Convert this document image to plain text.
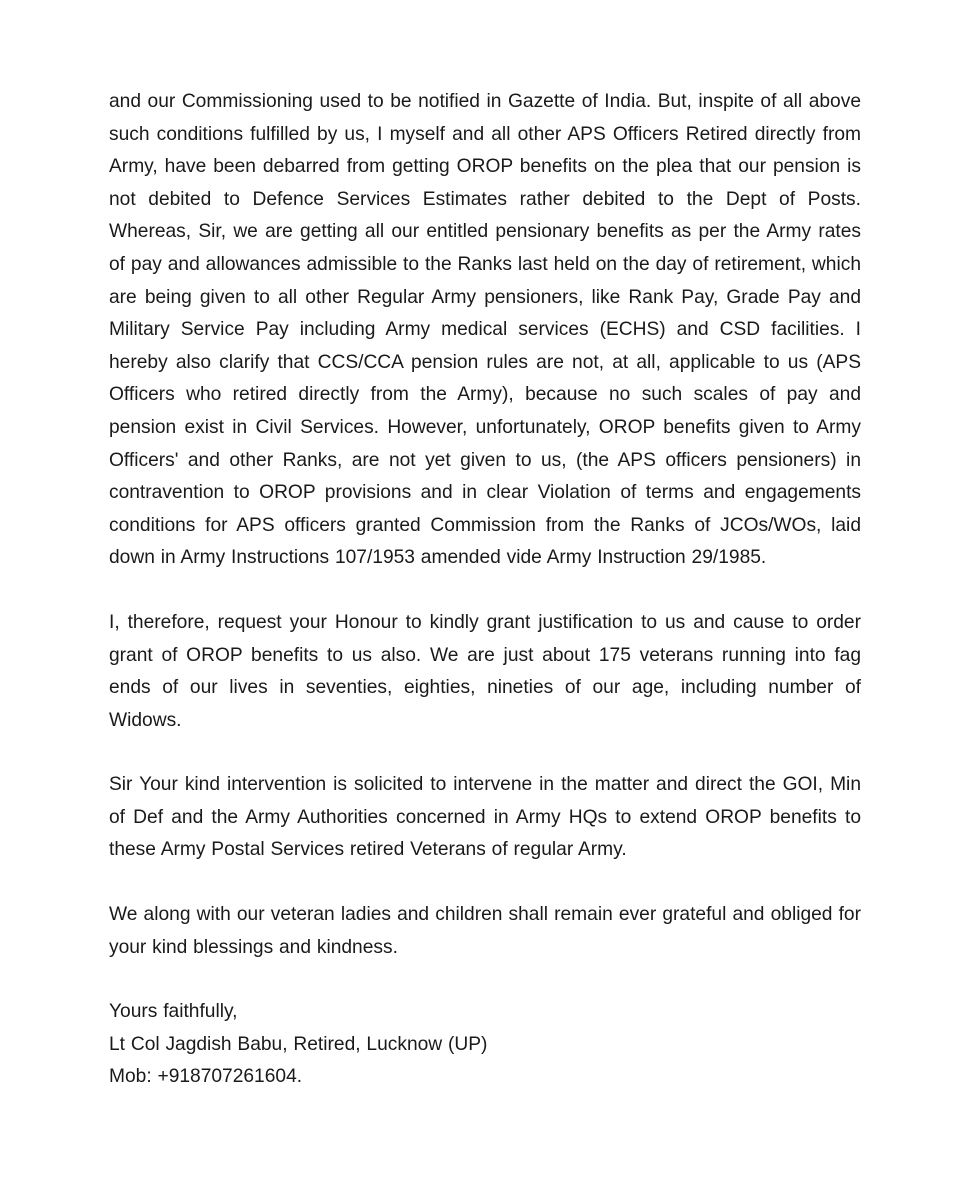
and our Commissioning used to be notified in Gazette of India. But, inspite of all above such conditions fulfilled by us, I myself and all other APS Officers Retired directly from Army, have been debarred from getting OROP benefits on the plea that our pension is not debited to Defence Services Estimates rather debited to the Dept of Posts. Whereas, Sir, we are getting all our entitled pensionary benefits as per the Army rates of pay and allowances admissible to the Ranks last held on the day of retirement, which are being given to all other Regular Army pensioners, like Rank Pay, Grade Pay and Military Service Pay including Army medical services (ECHS) and CSD facilities. I hereby also clarify that CCS/CCA pension rules are not, at all, applicable to us (APS Officers who retired directly from the Army), because no such scales of pay and pension exist in Civil Services. However, unfortunately, OROP benefits given to Army Officers' and other Ranks, are not yet given to us, (the APS officers pensioners) in contravention to OROP provisions and in clear Violation of terms and engagements conditions for APS officers granted Commission from the Ranks of JCOs/WOs, laid down in Army Instructions 107/1953 amended vide Army Instruction 29/1985.

I, therefore, request your Honour to kindly grant justification to us and cause to order grant of OROP benefits to us also. We are just about 175 veterans running into fag ends of our lives in seventies, eighties, nineties of our age, including number of Widows.

Sir Your kind intervention is solicited to intervene in the matter and direct the GOI, Min of Def and the Army Authorities concerned in Army HQs to extend OROP benefits to these Army Postal Services retired Veterans of regular Army.

We along with our veteran ladies and children shall remain ever grateful and obliged for your kind blessings and kindness.

Yours faithfully,
Lt Col Jagdish Babu, Retired, Lucknow (UP)
Mob: +918707261604.
